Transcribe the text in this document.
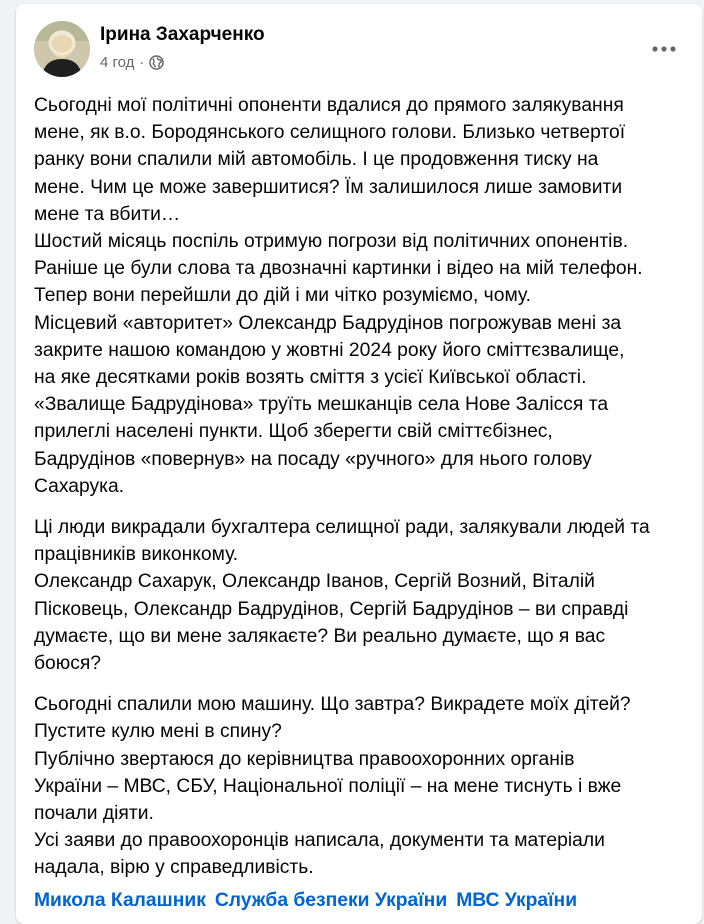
Ірина Захарченко
4 год ·
Сьогодні мої політичні опоненти вдалися до прямого залякування
мене, як в.о. Бородянського селищного голови. Близько четвертої
ранку вони спалили мій автомобіль. І це продовження тиску на
мене. Чим це може завершитися? Їм залишилося лише замовити
мене та вбити…
Шостий місяць поспіль отримую погрози від політичних опонентів.
Раніше це були слова та двозначні картинки і відео на мій телефон.
Тепер вони перейшли до дій і ми чітко розуміємо, чому.
Місцевий «авторитет» Олександр Бадрудінов погрожував мені за
закрите нашою командою у жовтні 2024 року його сміттєзвалище,
на яке десятками років возять сміття з усієї Київської області.
«Звалище Бадрудінова» труїть мешканців села Нове Залісся та
прилеглі населені пункти. Щоб зберегти свій сміттєбізнес,
Бадрудінов «повернув» на посаду «ручного» для нього голову
Сахарука.
Ці люди викрадали бухгалтера селищної ради, залякували людей та
працівників виконкому.
Олександр Сахарук, Олександр Іванов, Сергій Возний, Віталій
Пісковець, Олександр Бадрудінов, Сергій Бадрудінов – ви справді
думаєте, що ви мене залякаєте? Ви реально думаєте, що я вас
боюся?
Сьогодні спалили мою машину. Що завтра? Викрадете моїх дітей?
Пустите кулю мені в спину?
Публічно звертаюся до керівництва правоохоронних органів
України – МВС, СБУ, Національної поліції – на мене тиснуть і вже
почали діяти.
Усі заяви до правоохоронців написала, документи та матеріали
надала, вірю у справедливість.
Микола Калашник Служба безпеки України МВС України
